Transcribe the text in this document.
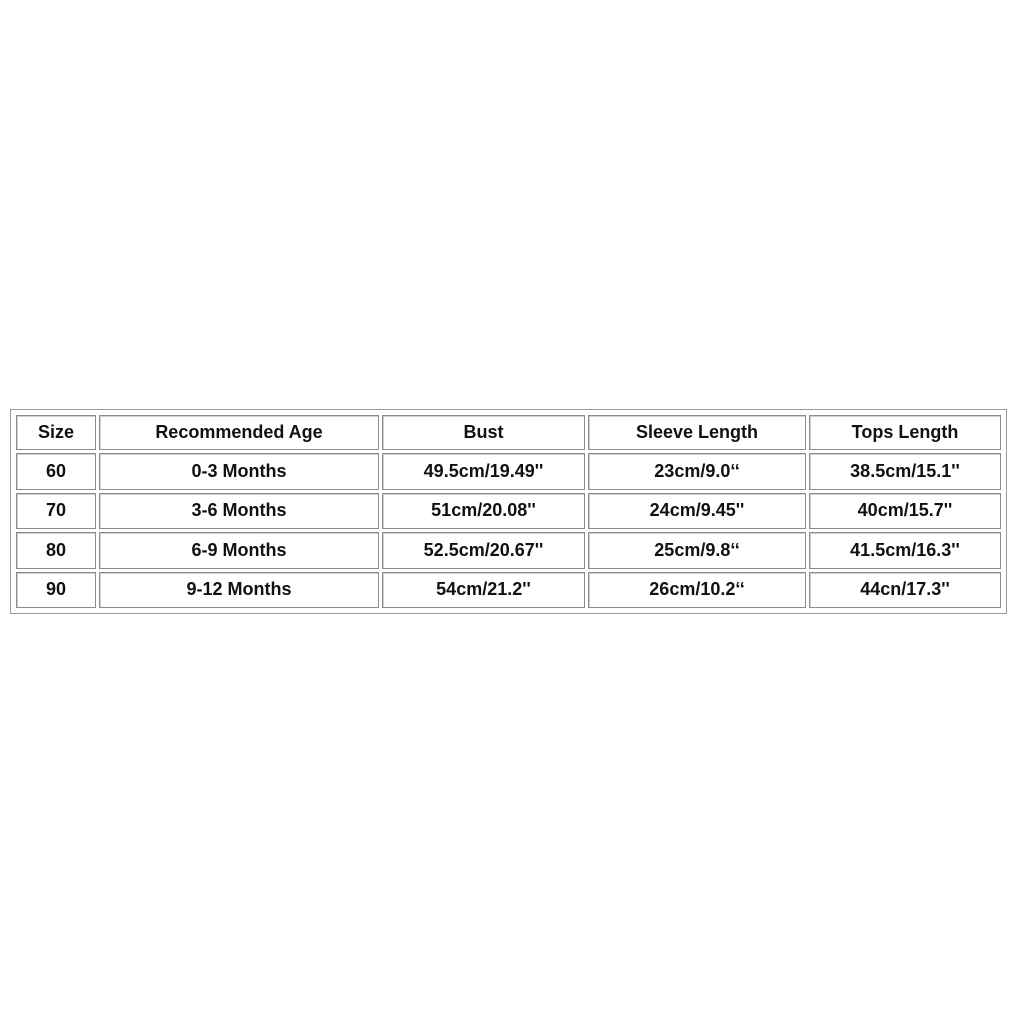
Size	Recommended Age	Bust	Sleeve Length	Tops Length
60	0-3 Months	49.5cm/19.49''	23cm/9.0‘‘	38.5cm/15.1''
70	3-6 Months	51cm/20.08''	24cm/9.45''	40cm/15.7''
80	6-9 Months	52.5cm/20.67''	25cm/9.8‘‘	41.5cm/16.3''
90	9-12 Months	54cm/21.2''	26cm/10.2‘‘	44cn/17.3''
